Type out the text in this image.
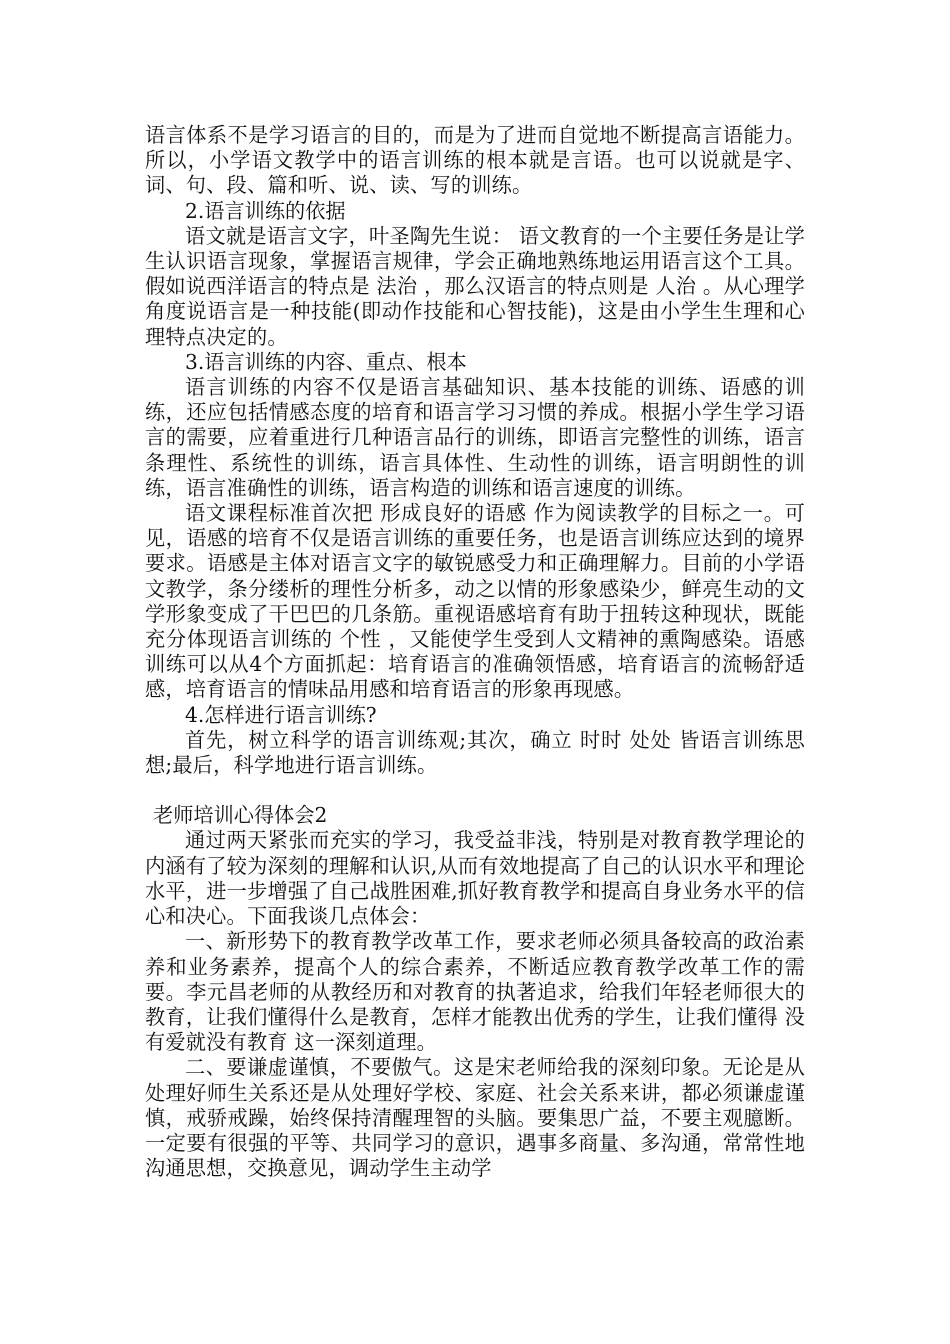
语言体系不是学习语言的目的，而是为了进而自觉地不断提高言语能力。所以，小学语文教学中的语言训练的根本就是言语。也可以说就是字、词、句、段、篇和听、说、读、写的训练。

2.语言训练的依据

语文就是语言文字，叶圣陶先生说： 语文教育的一个主要任务是让学生认识语言现象，掌握语言规律，学会正确地熟练地运用语言这个工具。 假如说西洋语言的特点是 法治 ，那么汉语言的特点则是 人治 。从心理学角度说语言是一种技能(即动作技能和心智技能)，这是由小学生生理和心理特点决定的。

3.语言训练的内容、重点、根本

语言训练的内容不仅是语言基础知识、基本技能的训练、语感的训练，还应包括情感态度的培育和语言学习习惯的养成。根据小学生学习语言的需要，应着重进行几种语言品行的训练，即语言完整性的训练，语言条理性、系统性的训练，语言具体性、生动性的训练，语言明朗性的训练，语言准确性的训练，语言构造的训练和语言速度的训练。

语文课程标准首次把 形成良好的语感 作为阅读教学的目标之一。可见，语感的培育不仅是语言训练的重要任务，也是语言训练应达到的境界要求。语感是主体对语言文字的敏锐感受力和正确理解力。目前的小学语文教学，条分缕析的理性分析多，动之以情的形象感染少，鲜亮生动的文学形象变成了干巴巴的几条筋。重视语感培育有助于扭转这种现状，既能充分体现语言训练的 个性 ，又能使学生受到人文精神的熏陶感染。语感训练可以从4个方面抓起：培育语言的准确领悟感，培育语言的流畅舒适感，培育语言的情味品用感和培育语言的形象再现感。

4.怎样进行语言训练?

首先，树立科学的语言训练观;其次，确立 时时 处处 皆语言训练思想;最后，科学地进行语言训练。

老师培训心得体会2

通过两天紧张而充实的学习，我受益非浅，特别是对教育教学理论的内涵有了较为深刻的理解和认识,从而有效地提高了自己的认识水平和理论水平，进一步增强了自己战胜困难,抓好教育教学和提高自身业务水平的信心和决心。下面我谈几点体会：

一、新形势下的教育教学改革工作，要求老师必须具备较高的政治素养和业务素养，提高个人的综合素养，不断适应教育教学改革工作的需要。李元昌老师的从教经历和对教育的执著追求，给我们年轻老师很大的教育，让我们懂得什么是教育，怎样才能教出优秀的学生，让我们懂得 没有爱就没有教育 这一深刻道理。

二、要谦虚谨慎，不要傲气。这是宋老师给我的深刻印象。无论是从处理好师生关系还是从处理好学校、家庭、社会关系来讲，都必须谦虚谨慎，戒骄戒躁，始终保持清醒理智的头脑。要集思广益，不要主观臆断。一定要有很强的平等、共同学习的意识，遇事多商量、多沟通，常常性地沟通思想，交换意见，调动学生主动学
